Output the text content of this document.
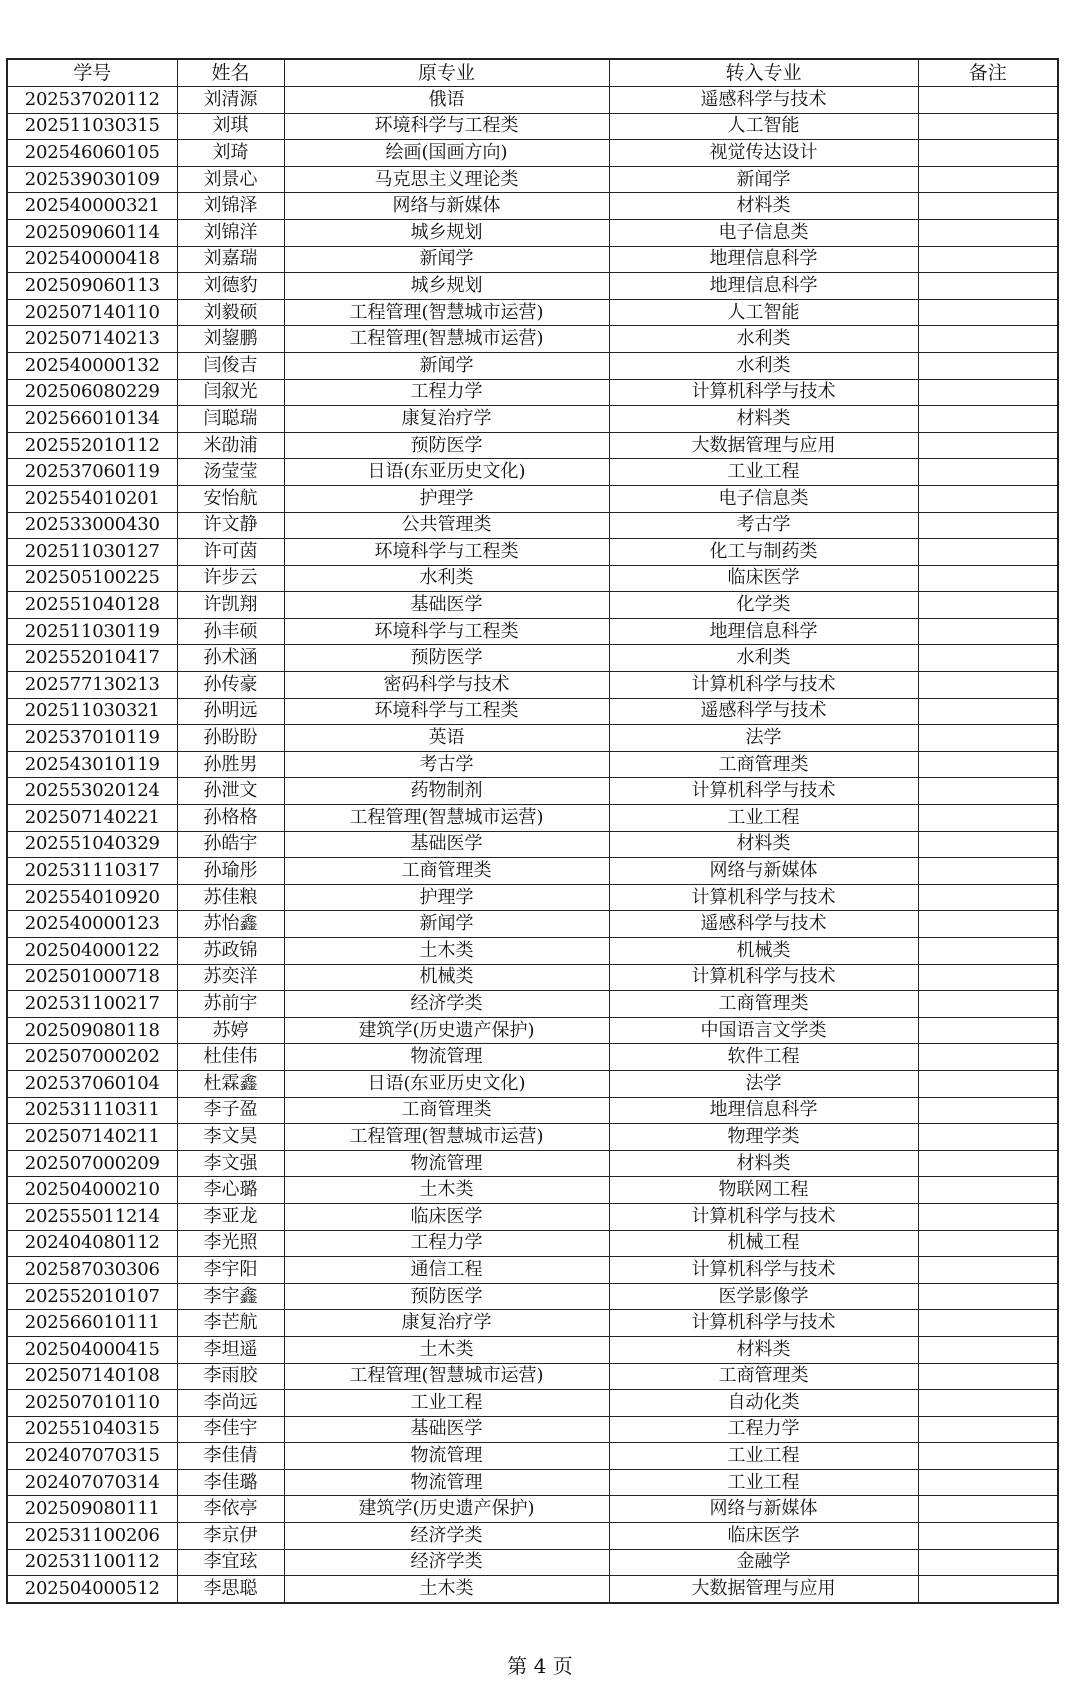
学号	姓名	原专业	转入专业	备注
202537020112	刘清源	俄语	遥感科学与技术	
202511030315	刘琪	环境科学与工程类	人工智能	
202546060105	刘琦	绘画(国画方向)	视觉传达设计	
202539030109	刘景心	马克思主义理论类	新闻学	
202540000321	刘锦泽	网络与新媒体	材料类	
202509060114	刘锦洋	城乡规划	电子信息类	
202540000418	刘嘉瑞	新闻学	地理信息科学	
202509060113	刘德豹	城乡规划	地理信息科学	
202507140110	刘毅硕	工程管理(智慧城市运营)	人工智能	
202507140213	刘鋆鹏	工程管理(智慧城市运营)	水利类	
202540000132	闫俊吉	新闻学	水利类	
202506080229	闫叙光	工程力学	计算机科学与技术	
202566010134	闫聪瑞	康复治疗学	材料类	
202552010112	米劭浦	预防医学	大数据管理与应用	
202537060119	汤莹莹	日语(东亚历史文化)	工业工程	
202554010201	安怡航	护理学	电子信息类	
202533000430	许文静	公共管理类	考古学	
202511030127	许可茵	环境科学与工程类	化工与制药类	
202505100225	许步云	水利类	临床医学	
202551040128	许凯翔	基础医学	化学类	
202511030119	孙丰硕	环境科学与工程类	地理信息科学	
202552010417	孙术涵	预防医学	水利类	
202577130213	孙传豪	密码科学与技术	计算机科学与技术	
202511030321	孙明远	环境科学与工程类	遥感科学与技术	
202537010119	孙盼盼	英语	法学	
202543010119	孙胜男	考古学	工商管理类	
202553020124	孙泄文	药物制剂	计算机科学与技术	
202507140221	孙格格	工程管理(智慧城市运营)	工业工程	
202551040329	孙皓宇	基础医学	材料类	
202531110317	孙瑜彤	工商管理类	网络与新媒体	
202554010920	苏佳粮	护理学	计算机科学与技术	
202540000123	苏怡鑫	新闻学	遥感科学与技术	
202504000122	苏政锦	土木类	机械类	
202501000718	苏奕洋	机械类	计算机科学与技术	
202531100217	苏前宇	经济学类	工商管理类	
202509080118	苏婷	建筑学(历史遗产保护)	中国语言文学类	
202507000202	杜佳伟	物流管理	软件工程	
202537060104	杜霖鑫	日语(东亚历史文化)	法学	
202531110311	李子盈	工商管理类	地理信息科学	
202507140211	李文昊	工程管理(智慧城市运营)	物理学类	
202507000209	李文强	物流管理	材料类	
202504000210	李心璐	土木类	物联网工程	
202555011214	李亚龙	临床医学	计算机科学与技术	
202404080112	李光照	工程力学	机械工程	
202587030306	李宇阳	通信工程	计算机科学与技术	
202552010107	李宇鑫	预防医学	医学影像学	
202566010111	李芒航	康复治疗学	计算机科学与技术	
202504000415	李坦遥	土木类	材料类	
202507140108	李雨胶	工程管理(智慧城市运营)	工商管理类	
202507010110	李尚远	工业工程	自动化类	
202551040315	李佳宇	基础医学	工程力学	
202407070315	李佳倩	物流管理	工业工程	
202407070314	李佳璐	物流管理	工业工程	
202509080111	李依亭	建筑学(历史遗产保护)	网络与新媒体	
202531100206	李京伊	经济学类	临床医学	
202531100112	李宜玹	经济学类	金融学	
202504000512	李思聪	土木类	大数据管理与应用	
第 4 页
